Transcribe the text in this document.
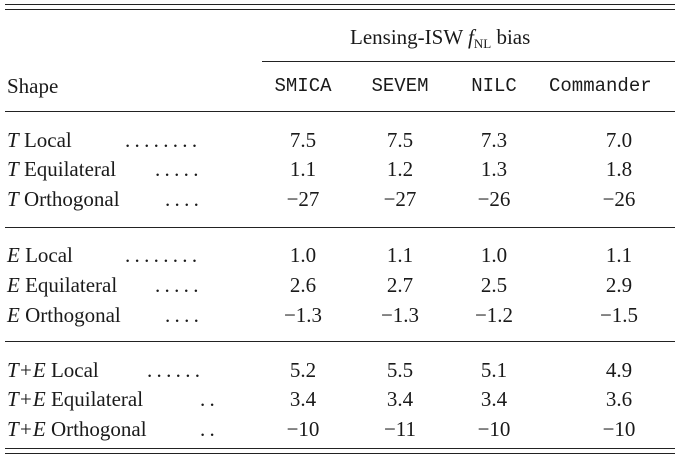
Lensing-ISW fNL bias
Shape	SMICA	SEVEM	NILC	Commander
T Local	........	7.5	7.5	7.3	7.0
T Equilateral .....	1.1	1.2	1.3	1.8
T Orthogonal ....	−27	−27	−26	−26
E Local ........	1.0	1.1	1.0	1.1
E Equilateral .....	2.6	2.7	2.5	2.9
E Orthogonal ....	−1.3	−1.3	−1.2	−1.5
T+E Local ......	5.2	5.5	5.1	4.9
T+E Equilateral	..	3.4	3.4	3.4	3.6
T+E Orthogonal	..	−10	−11	−10	−10
